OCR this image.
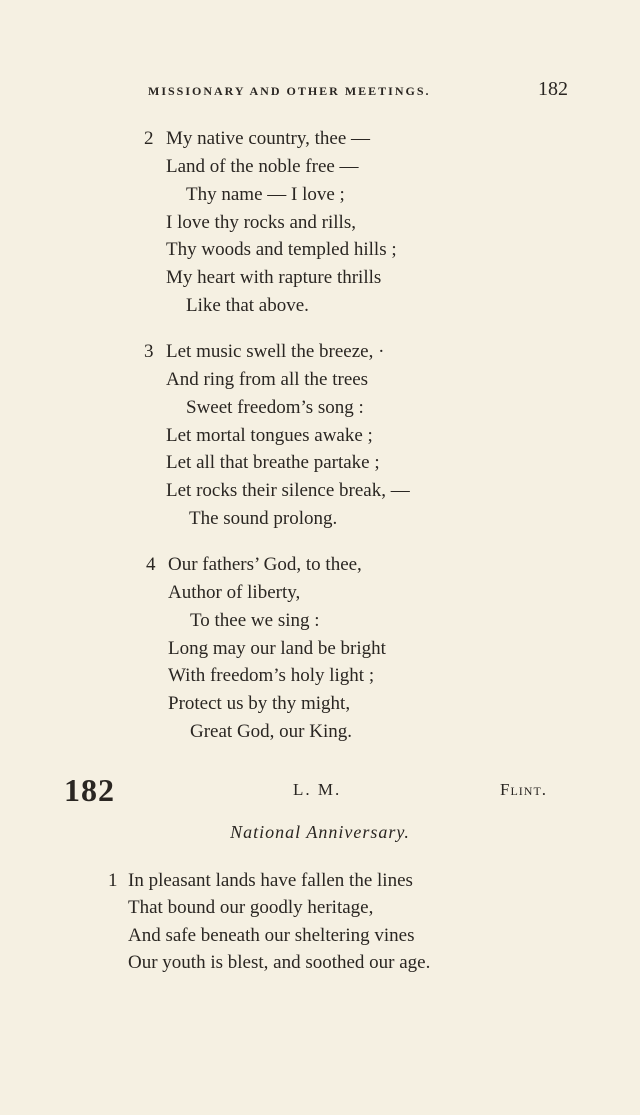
MISSIONARY AND OTHER MEETINGS.	182
2 My native country, thee —
Land of the noble free —
Thy name — I love ;
I love thy rocks and rills,
Thy woods and templed hills ;
My heart with rapture thrills
Like that above.
3 Let music swell the breeze, ·
And ring from all the trees
Sweet freedom’s song :
Let mortal tongues awake ;
Let all that breathe partake ;
Let rocks their silence break, —
The sound prolong.
4 Our fathers’ God, to thee,
Author of liberty,
To thee we sing :
Long may our land be bright
With freedom’s holy light ;
Protect us by thy might,
Great God, our King.
182	L. M.	Flint.
National Anniversary.
1 In pleasant lands have fallen the lines
That bound our goodly heritage,
And safe beneath our sheltering vines
Our youth is blest, and soothed our age.
